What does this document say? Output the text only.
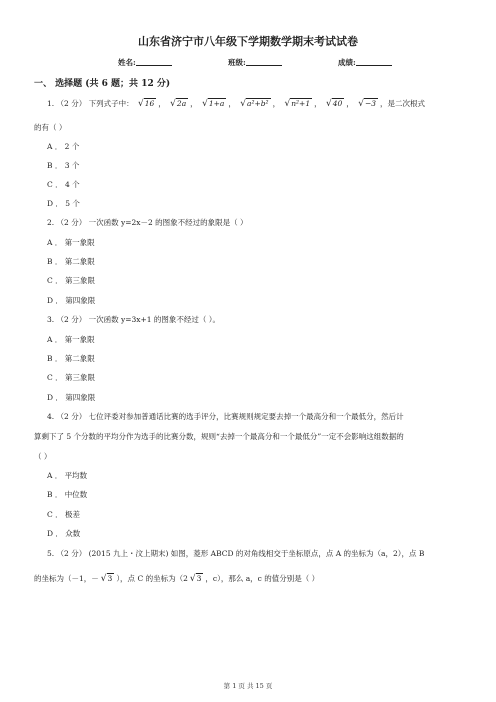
山东省济宁市八年级下学期数学期末考试试卷
姓名:	班级:	成绩:
一、 选择题 (共 6 题；共 12 分)
1. （2 分） 下列式子中： √16 ， √2a ， √1+a ， √a²+b² ， √n²+1 ， √40 ， √−3 ，是二次根式
的有（ ）
A ． 2 个
B ． 3 个
C ． 4 个
D ． 5 个
2. （2 分） 一次函数 y=2x－2 的图象不经过的象限是（ ）
A ． 第一象限
B ． 第二象限
C ． 第三象限
D ． 第四象限
3. （2 分） 一次函数 y=3x+1 的图象不经过（ ）。
A ． 第一象限
B ． 第二象限
C ． 第三象限
D ． 第四象限
4. （2 分） 七位评委对参加普通话比赛的选手评分，比赛规则规定要去掉一个最高分和一个最低分，然后计
算剩下了 5 个分数的平均分作为选手的比赛分数，规则“去掉一个最高分和一个最低分”一定不会影响这组数据的
（ ）
A ． 平均数
B ． 中位数
C ． 极差
D ． 众数
5. （2 分） (2015 九上・汶上期末) 如图，菱形 ABCD 的对角线相交于坐标原点，点 A 的坐标为（a，2），点 B
的坐标为（－1，－ √3 ），点 C 的坐标为（2 √3 ，c），那么 a，c 的值分别是（ ）
第 1 页 共 15 页
